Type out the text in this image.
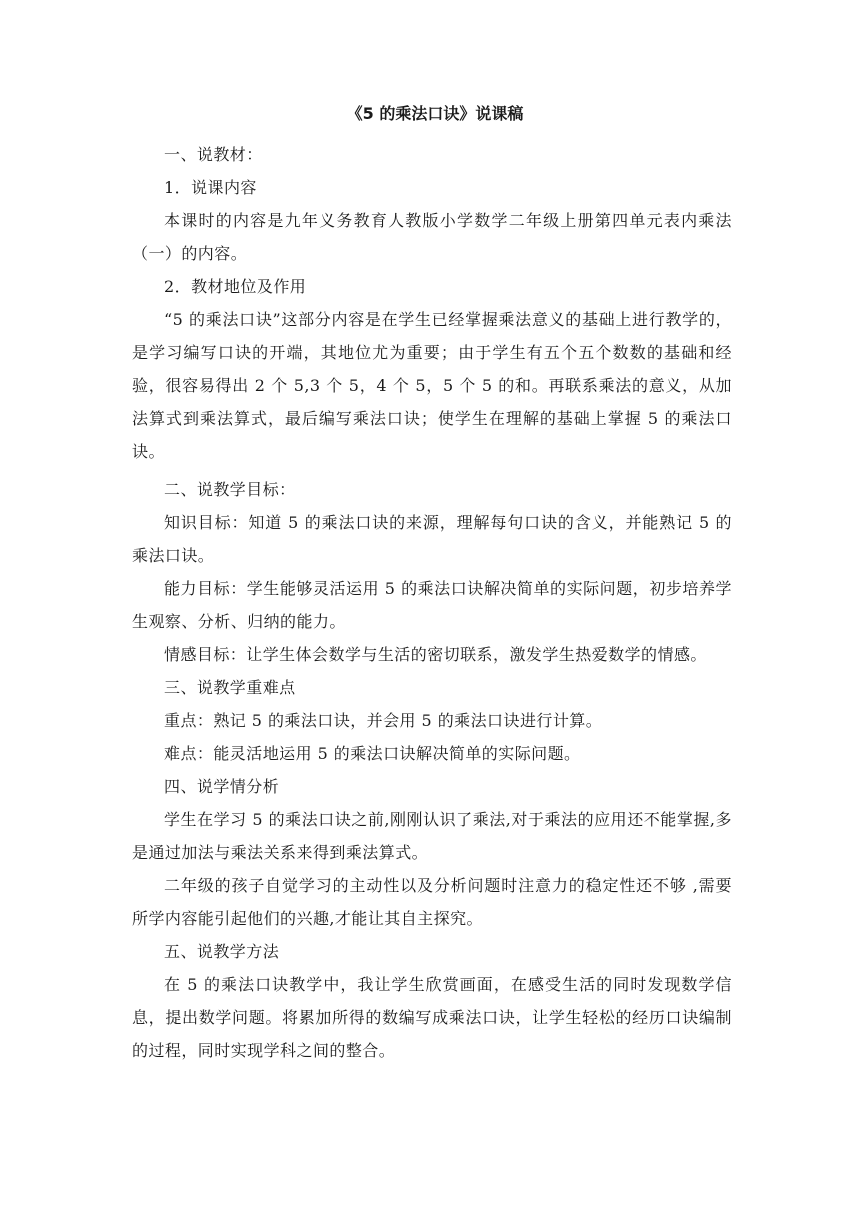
《5 的乘法口诀》说课稿

一、说教材：

1．说课内容

本课时的内容是九年义务教育人教版小学数学二年级上册第四单元表内乘法（一）的内容。

2．教材地位及作用

“5 的乘法口诀”这部分内容是在学生已经掌握乘法意义的基础上进行教学的，是学习编写口诀的开端，其地位尤为重要；由于学生有五个五个数数的基础和经验，很容易得出 2 个 5,3 个 5，4 个 5，5 个 5 的和。再联系乘法的意义，从加法算式到乘法算式，最后编写乘法口诀；使学生在理解的基础上掌握 5 的乘法口诀。

二、说教学目标：

知识目标：知道 5 的乘法口诀的来源，理解每句口诀的含义，并能熟记 5 的乘法口诀。

能力目标：学生能够灵活运用 5 的乘法口诀解决简单的实际问题，初步培养学生观察、分析、归纳的能力。

情感目标：让学生体会数学与生活的密切联系，激发学生热爱数学的情感。

三、说教学重难点

重点：熟记 5 的乘法口诀，并会用 5 的乘法口诀进行计算。

难点：能灵活地运用 5 的乘法口诀解决简单的实际问题。

四、说学情分析

学生在学习 5 的乘法口诀之前,刚刚认识了乘法,对于乘法的应用还不能掌握,多是通过加法与乘法关系来得到乘法算式。

二年级的孩子自觉学习的主动性以及分析问题时注意力的稳定性还不够 ,需要所学内容能引起他们的兴趣,才能让其自主探究。

五、说教学方法

在 5 的乘法口诀教学中，我让学生欣赏画面，在感受生活的同时发现数学信息，提出数学问题。将累加所得的数编写成乘法口诀，让学生轻松的经历口诀编制的过程，同时实现学科之间的整合。
